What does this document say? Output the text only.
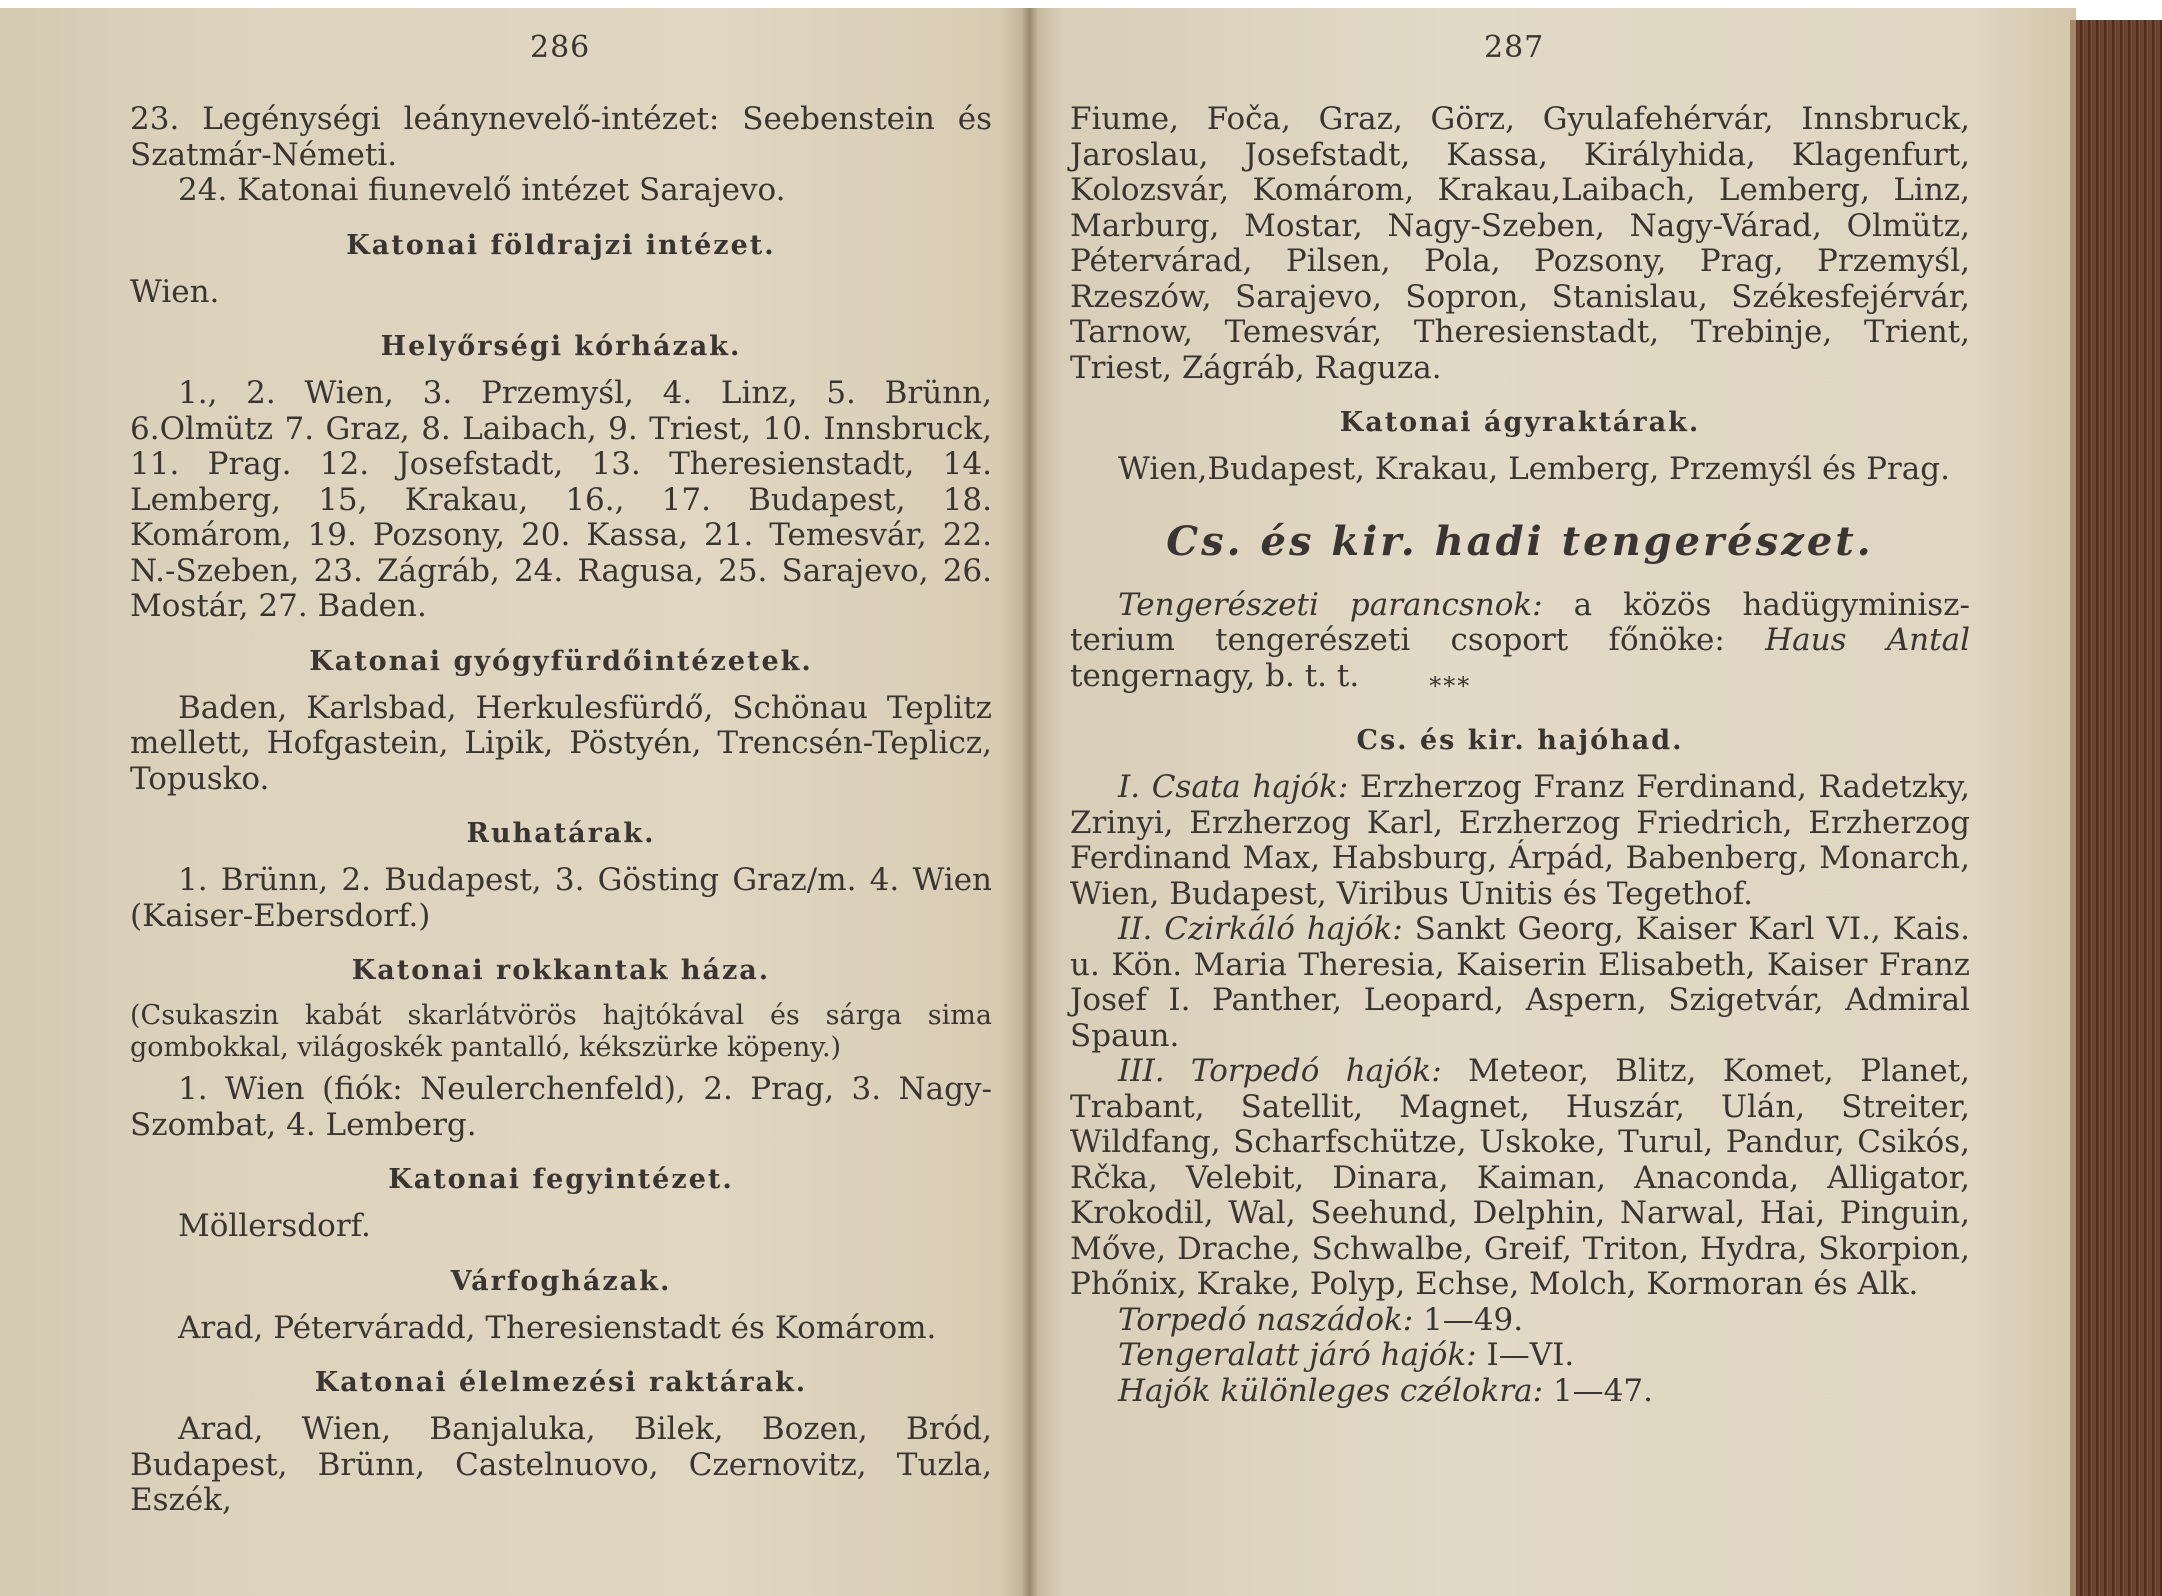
286

23. Legénységi leánynevelő-intézet: Seebenstein és Szatmár-Németi.

24. Katonai fiunevelő intézet Sarajevo.

Katonai földrajzi intézet.

Wien.

Helyőrségi kórházak.

1., 2. Wien, 3. Przemyśl, 4. Linz, 5. Brünn, 6.Olmütz 7. Graz, 8. Laibach, 9. Triest, 10. Innsbruck, 11. Prag. 12. Josefstadt, 13. Theresienstadt, 14. Lemberg, 15, Krakau, 16., 17. Budapest, 18. Komárom, 19. Pozsony, 20. Kassa, 21. Temesvár, 22. N.-Szeben, 23. Zágráb, 24. Ragusa, 25. Sarajevo, 26. Mostár, 27. Baden.

Katonai gyógyfürdőintézetek.

Baden, Karlsbad, Herkulesfürdő, Schönau Teplitz mellett, Hofgastein, Lipik, Pöstyén, Trencsén-Teplicz, Topusko.

Ruhatárak.

1. Brünn, 2. Budapest, 3. Gösting Graz/m. 4. Wien (Kaiser-Ebersdorf.)

Katonai rokkantak háza.

(Csukaszin kabát skarlátvörös hajtókával és sárga sima gombokkal, világoskék pantalló, kékszürke köpeny.)

1. Wien (fiók: Neulerchenfeld), 2. Prag, 3. Nagy-Szombat, 4. Lemberg.

Katonai fegyintézet.

Möllersdorf.

Várfogházak.

Arad, Péterváradd, Theresienstadt és Komárom.

Katonai élelmezési raktárak.

Arad, Wien, Banjaluka, Bilek, Bozen, Bród, Budapest, Brünn, Castelnuovo, Czernovitz, Tuzla, Eszék,

287

Fiume, Foča, Graz, Görz, Gyulafehérvár, Innsbruck, Jaroslau, Josefstadt, Kassa, Királyhida, Klagenfurt, Kolozsvár, Komárom, Krakau,Laibach, Lemberg, Linz, Marburg, Mostar, Nagy-Szeben, Nagy-Várad, Olmütz, Pétervárad, Pilsen, Pola, Pozsony, Prag, Przemyśl, Rzeszów, Sarajevo, Sopron, Stanislau, Székesfejérvár, Tarnow, Temesvár, Theresienstadt, Trebinje, Trient, Triest, Zágráb, Raguza.

Katonai ágyraktárak.

Wien,Budapest, Krakau, Lemberg, Przemyśl és Prag.

Cs. és kir. hadi tengerészet.

Tengerészeti parancsnok: a közös hadügyminisz-terium tengerészeti csoport főnöke: Haus Antal tengernagy, b. t. t.	$_{***}$

Cs. és kir. hajóhad.

I. Csata hajók: Erzherzog Franz Ferdinand, Radetzky, Zrinyi, Erzherzog Karl, Erzherzog Friedrich, Erzherzog Ferdinand Max, Habsburg, Árpád, Babenberg, Monarch, Wien, Budapest, Viribus Unitis és Tegethof.

II. Czirkáló hajók: Sankt Georg, Kaiser Karl VI., Kais. u. Kön. Maria Theresia, Kaiserin Elisabeth, Kaiser Franz Josef I. Panther, Leopard, Aspern, Szigetvár, Admiral Spaun.

III. Torpedó hajók: Meteor, Blitz, Komet, Planet, Trabant, Satellit, Magnet, Huszár, Ulán, Streiter, Wildfang, Scharfschütze, Uskoke, Turul, Pandur, Csikós, Rčka, Velebit, Dinara, Kaiman, Anaconda, Alligator, Krokodil, Wal, Seehund, Delphin, Narwal, Hai, Pinguin, Mőve, Drache, Schwalbe, Greif, Triton, Hydra, Skorpion, Phőnix, Krake, Polyp, Echse, Molch, Kormoran és Alk.

Torpedó naszádok: 1—49.

Tengeralatt járó hajók: I—VI.

Hajók különleges czélokra: 1—47.
